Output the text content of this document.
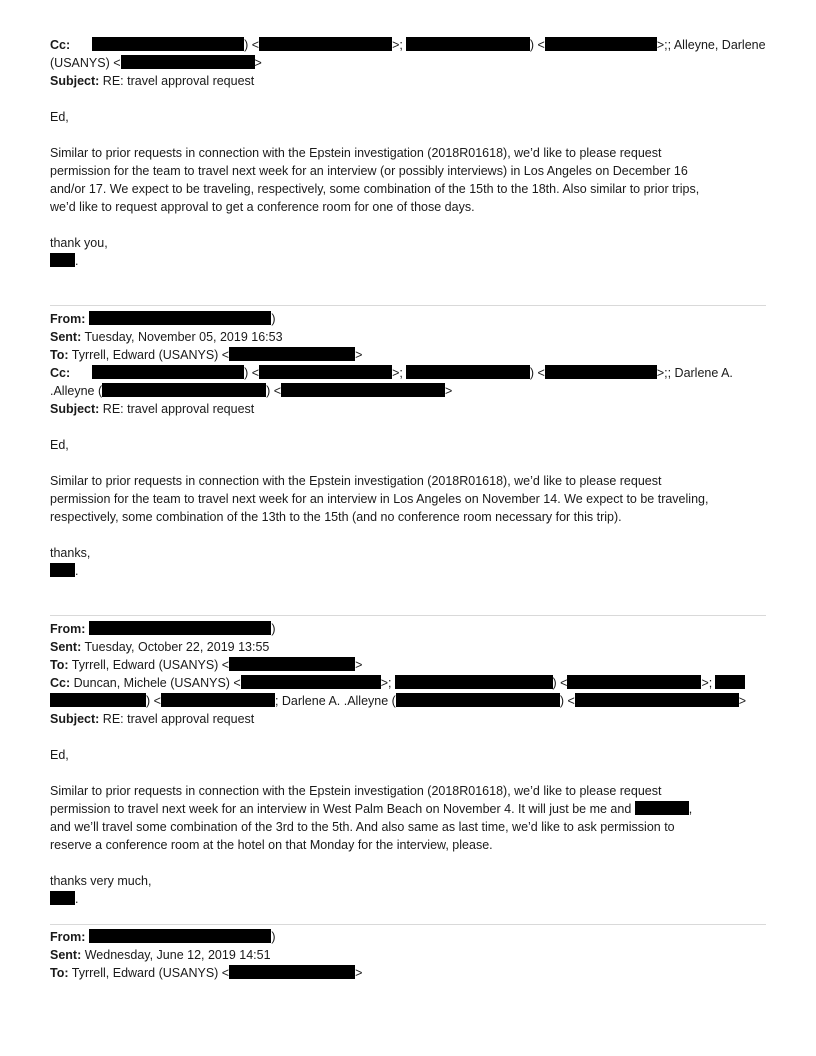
Cc:	) <	>;	) <	>;; Alleyne, Darlene
(USANYS) <	>
Subject: RE: travel approval request
Ed,
Similar to prior requests in connection with the Epstein investigation (2018R01618), we’d like to please request
permission for the team to travel next week for an interview (or possibly interviews) in Los Angeles on December 16
and/or 17. We expect to be traveling, respectively, some combination of the 15th to the 18th. Also similar to prior trips,
we’d like to request approval to get a conference room for one of those days.
thank you,
.
From:	)
Sent: Tuesday, November 05, 2019 16:53
To: Tyrrell, Edward (USANYS) <	>
Cc:	) <	>;	) <	>;; Darlene A.
.Alleyne (	) <	>
Subject: RE: travel approval request
Ed,
Similar to prior requests in connection with the Epstein investigation (2018R01618), we’d like to please request
permission for the team to travel next week for an interview in Los Angeles on November 14. We expect to be traveling,
respectively, some combination of the 13th to the 15th (and no conference room necessary for this trip).
thanks,
.
From:	)
Sent: Tuesday, October 22, 2019 13:55
To: Tyrrell, Edward (USANYS) <	>
Cc: Duncan, Michele (USANYS) <	>;	) <	>;
) <	; Darlene A. .Alleyne (	) <	>
Subject: RE: travel approval request
Ed,
Similar to prior requests in connection with the Epstein investigation (2018R01618), we’d like to please request
permission to travel next week for an interview in West Palm Beach on November 4. It will just be me and	,
and we’ll travel some combination of the 3rd to the 5th. And also same as last time, we’d like to ask permission to
reserve a conference room at the hotel on that Monday for the interview, please.
thanks very much,
.
From:	)
Sent: Wednesday, June 12, 2019 14:51
To: Tyrrell, Edward (USANYS) <	>
